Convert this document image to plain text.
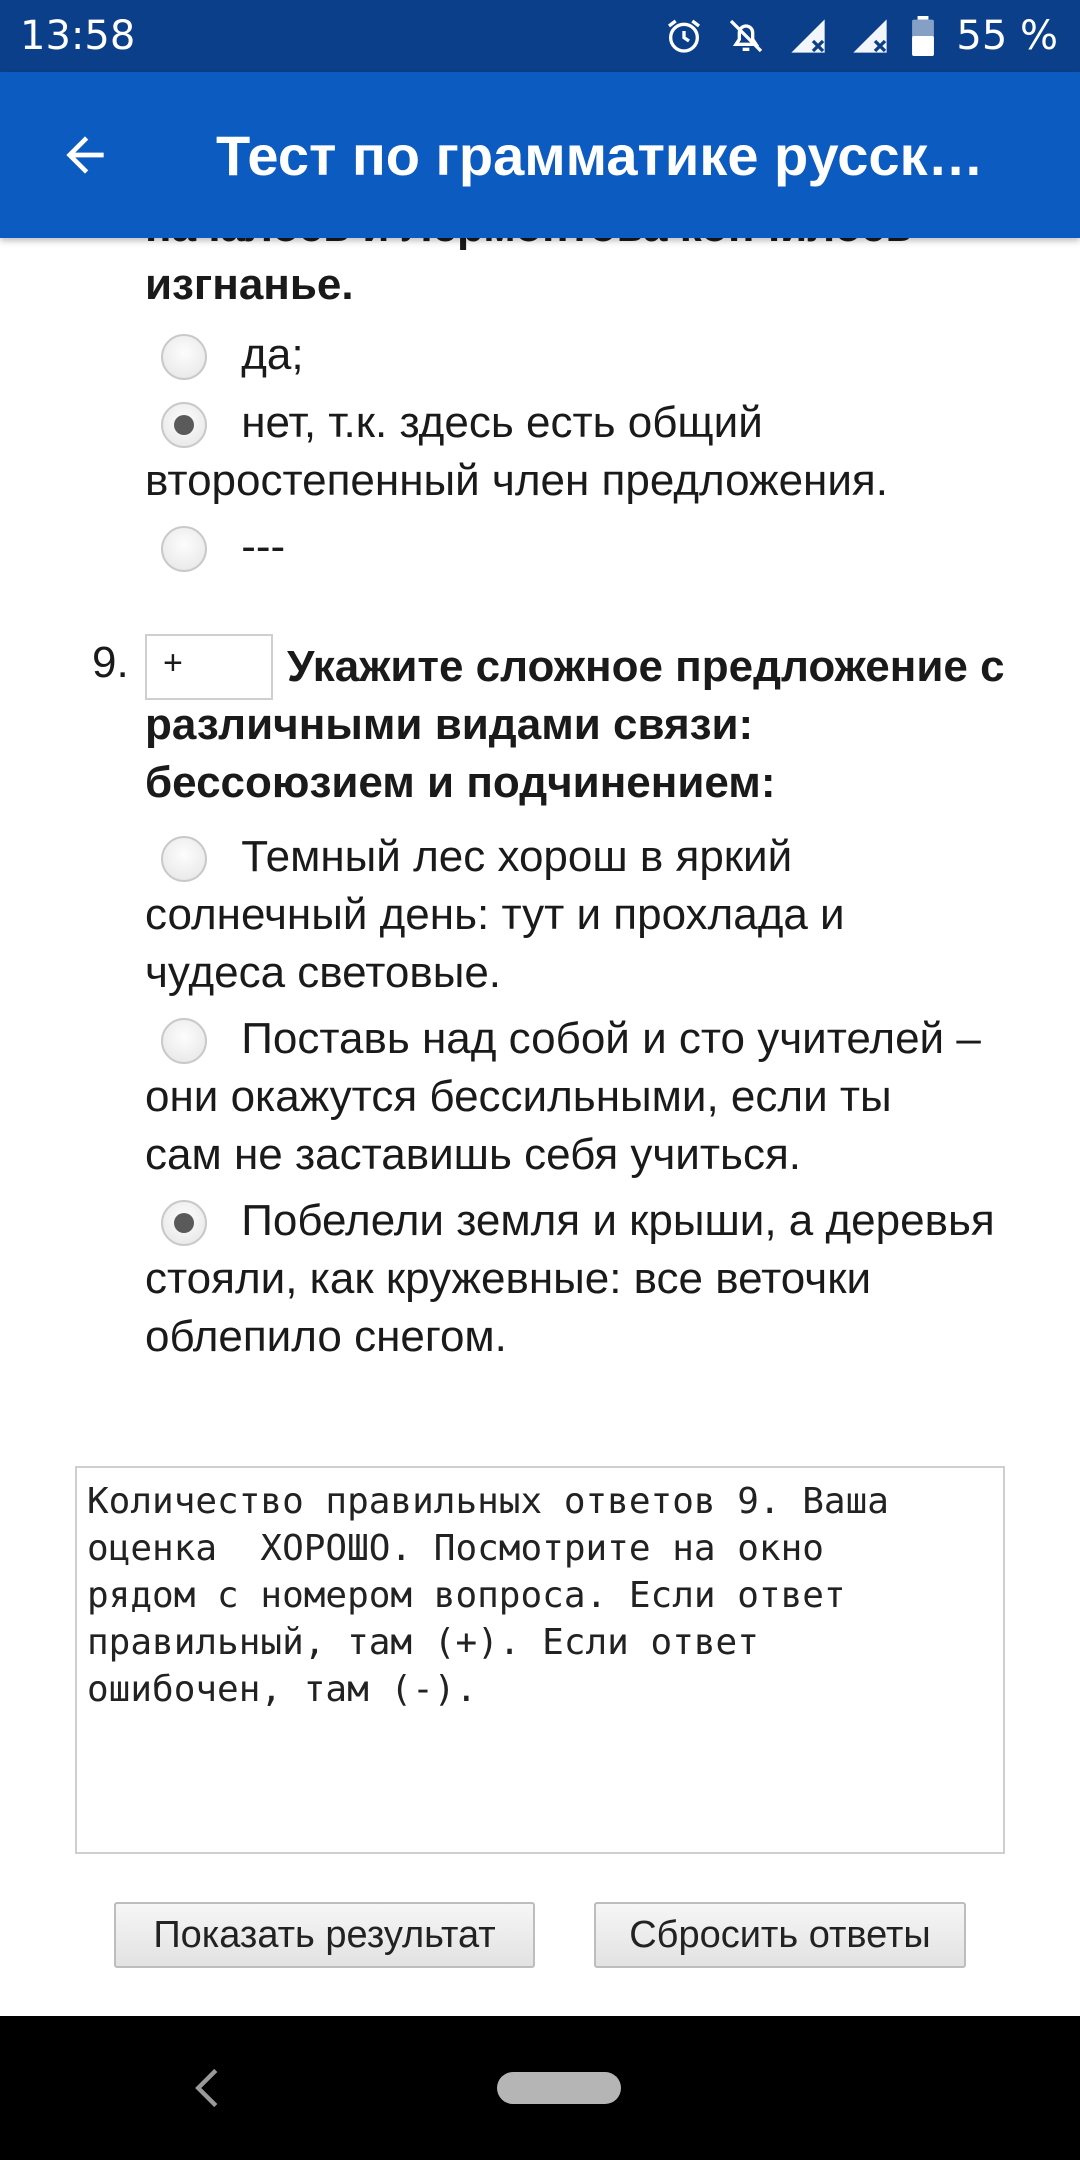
13:58	55 %
Тест по грамматике русск…
изгнанье.
да;
нет, т.к. здесь есть общий
второстепенный член предложения.
---
9.	+	Укажите сложное предложение с
различными видами связи:
бессоюзием и подчинением:
Темный лес хорош в яркий
солнечный день: тут и прохлада и
чудеса световые.
Поставь над собой и сто учителей –
они окажутся бессильными, если ты
сам не заставишь себя учиться.
Побелели земля и крыши, а деревья
стояли, как кружевные: все веточки
облепило снегом.
Количество правильных ответов 9. Ваша
оценка  ХОРОШО. Посмотрите на окно
рядом с номером вопроса. Если ответ
правильный, там (+). Если ответ
ошибочен, там (-).
Показать результат	Сбросить ответы
